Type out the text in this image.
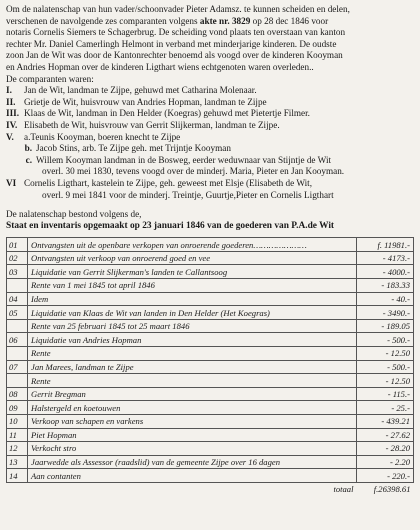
Om de nalatenschap van hun vader/schoonvader Pieter Adamsz. te kunnen scheiden en delen,
verschenen de navolgende zes comparanten volgens akte nr. 3829 op 28 dec 1846 voor
notaris Cornelis Siemers te Schagerbrug. De scheiding vond plaats ten overstaan van kanton
rechter Mr. Daniel Camerlingh Helmont in verband met minderjarige kinderen. De oudste
zoon Jan de Wit was door de Kantonrechter benoemd als voogd over de kinderen Kooyman
en Andries Hopman over de kinderen Ligthart wiens echtgenoten waren overleden..
De comparanten waren:
I.	Jan de Wit, landman te Zijpe, gehuwd met Catharina Molenaar.
II. Grietje de Wit, huisvrouw van Andries Hopman, landman te Zijpe
III. Klaas de Wit, landman in Den Helder (Koegras) gehuwd met Pietertje Filmer.
IV. Elisabeth de Wit, huisvrouw van Gerrit Slijkerman, landman te Zijpe.
V.	a.Teunis Kooyman, boeren knecht te Zijpe
b. Jacob Stins, arb. Te Zijpe geh. met Trijntje Kooyman
c. Willem Kooyman landman in de Bosweg, eerder weduwnaar van Stijntje de Wit
overl. 30 mei 1830, tevens voogd over de minderj. Maria, Pieter en Jan Kooyman.
VI Cornelis Ligthart, kastelein te Zijpe, geh. geweest met Elsje (Elisabeth de Wit,
overl. 9 mei 1841 voor de minderj. Treintje, Guurtje,Pieter en Cornelis Ligthart

De nalatenschap bestond volgens de,

Staat en inventaris opgemaakt op 23 januari 1846 van de goederen van P.A.de Wit

01	Ontvangsten uit de openbare verkopen van onroerende goederen…………………	f. 11981.-
02	Ontvangsten uit verkoop van onroerend goed en vee	- 4173.-
03	Liquidatie van Gerrit Slijkerman's landen te Callantsoog	- 4000.-
	Rente van 1 mei 1845 tot april 1846	- 183.33
04	Idem	- 40.-
05	Liquidatie van Klaas de Wit van landen in Den Helder (Het Koegras)	- 3490.-
	Rente van 25 februari 1845 tot 25 maart 1846	- 189.05
06	Liquidatie van Andries Hopman	- 500.-
	Rente	- 12.50
07	Jan Marees, landman te Zijpe	- 500.-
	Rente	- 12.50
08	Gerrit Bregman	- 115.-
09	Halstergeld en koetouwen	- 25.-
10	Verkoop van schapen en varkens	- 439.21
11	Piet Hopman	- 27.62
12	Verkocht stro	- 28.20
13	Jaarwedde als Assessor (raadslid) van de gemeente Zijpe over 16 dagen	- 2.20
14	Aan contanten	- 220.-
	totaal	f.26398.61
